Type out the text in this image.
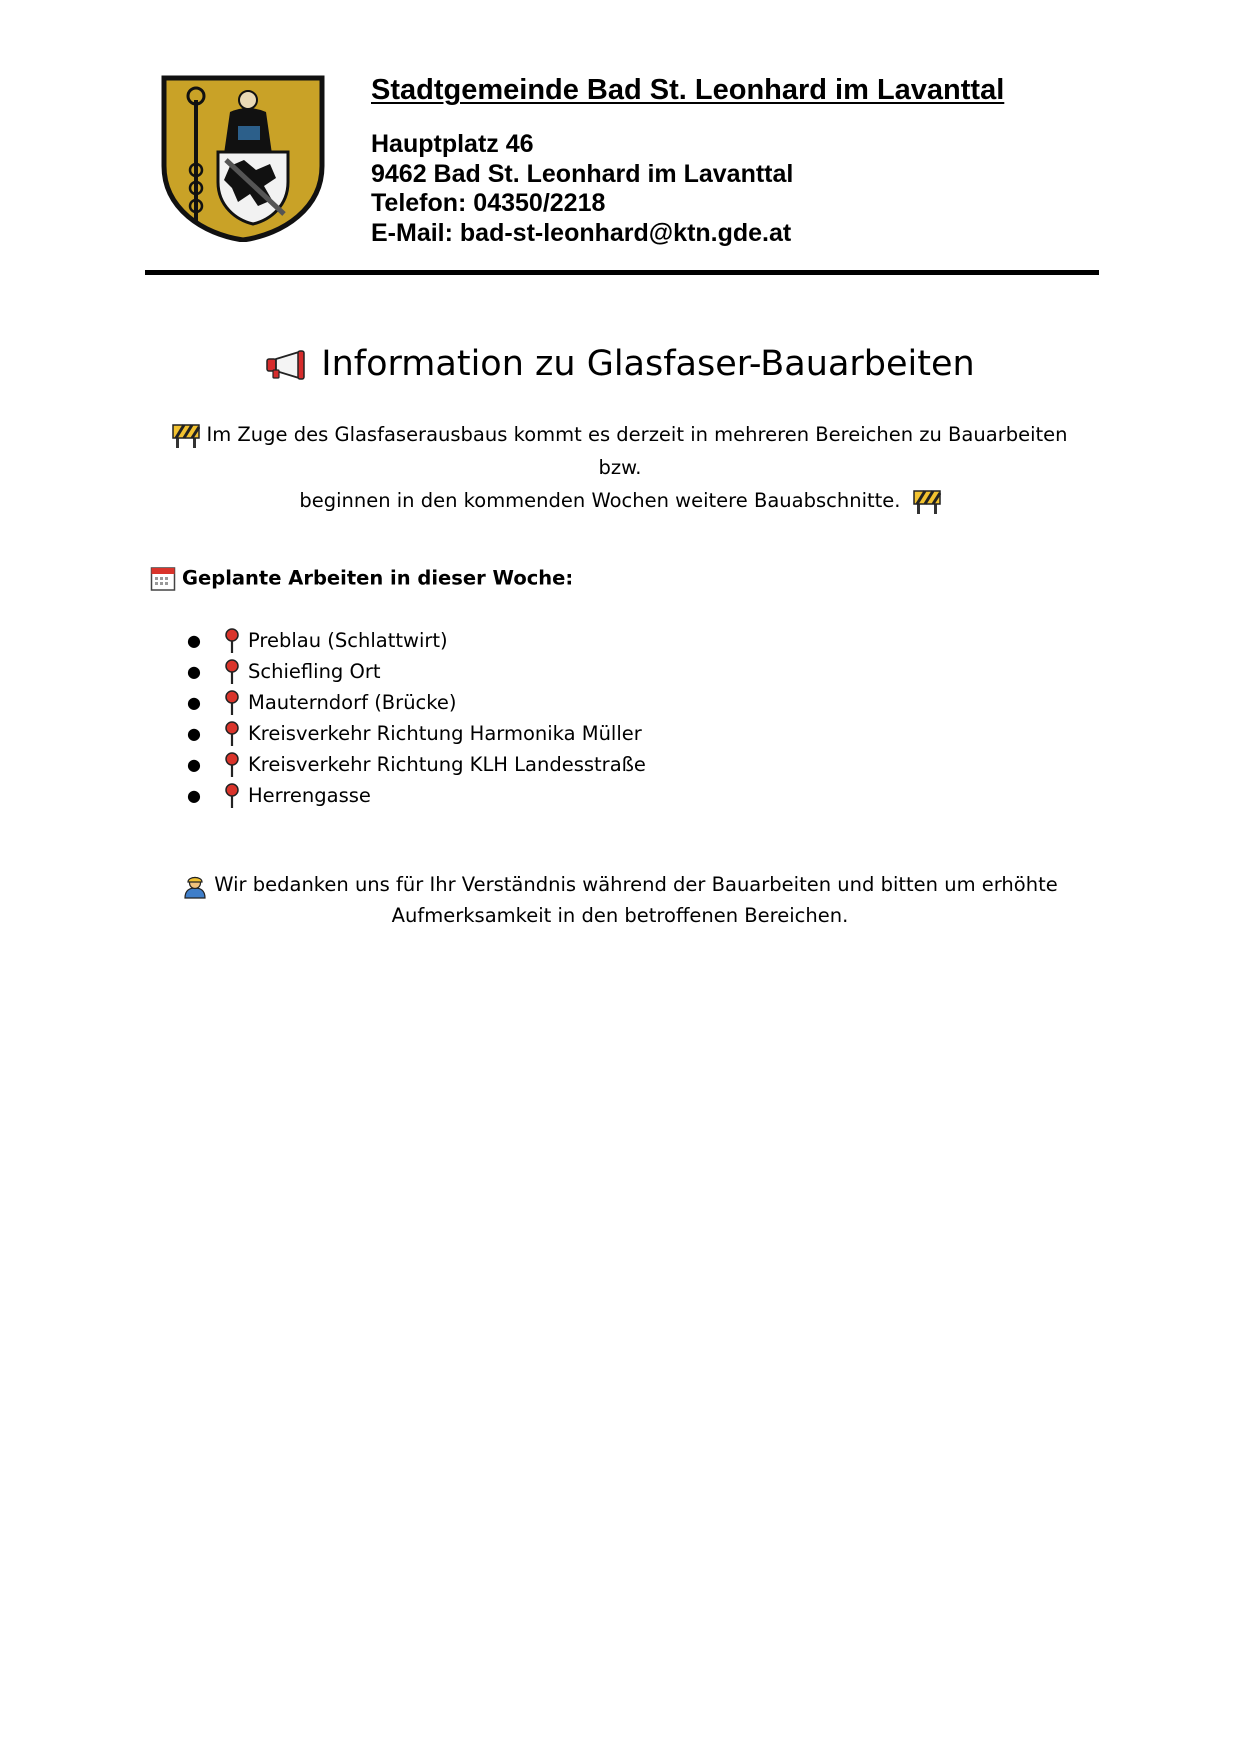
Stadtgemeinde Bad St. Leonhard im Lavanttal
Hauptplatz 46
9462 Bad St. Leonhard im Lavanttal
Telefon: 04350/2218
E-Mail: bad-st-leonhard@ktn.gde.at
Information zu Glasfaser-Bauarbeiten
Im Zuge des Glasfaserausbaus kommt es derzeit in mehreren Bereichen zu Bauarbeiten bzw.
beginnen in den kommenden Wochen weitere Bauabschnitte.
Geplante Arbeiten in dieser Woche:
● Preblau (Schlattwirt)
● Schiefling Ort
● Mauterndorf (Brücke)
● Kreisverkehr Richtung Harmonika Müller
● Kreisverkehr Richtung KLH Landesstraße
● Herrengasse
Wir bedanken uns für Ihr Verständnis während der Bauarbeiten und bitten um erhöhte
Aufmerksamkeit in den betroffenen Bereichen.
